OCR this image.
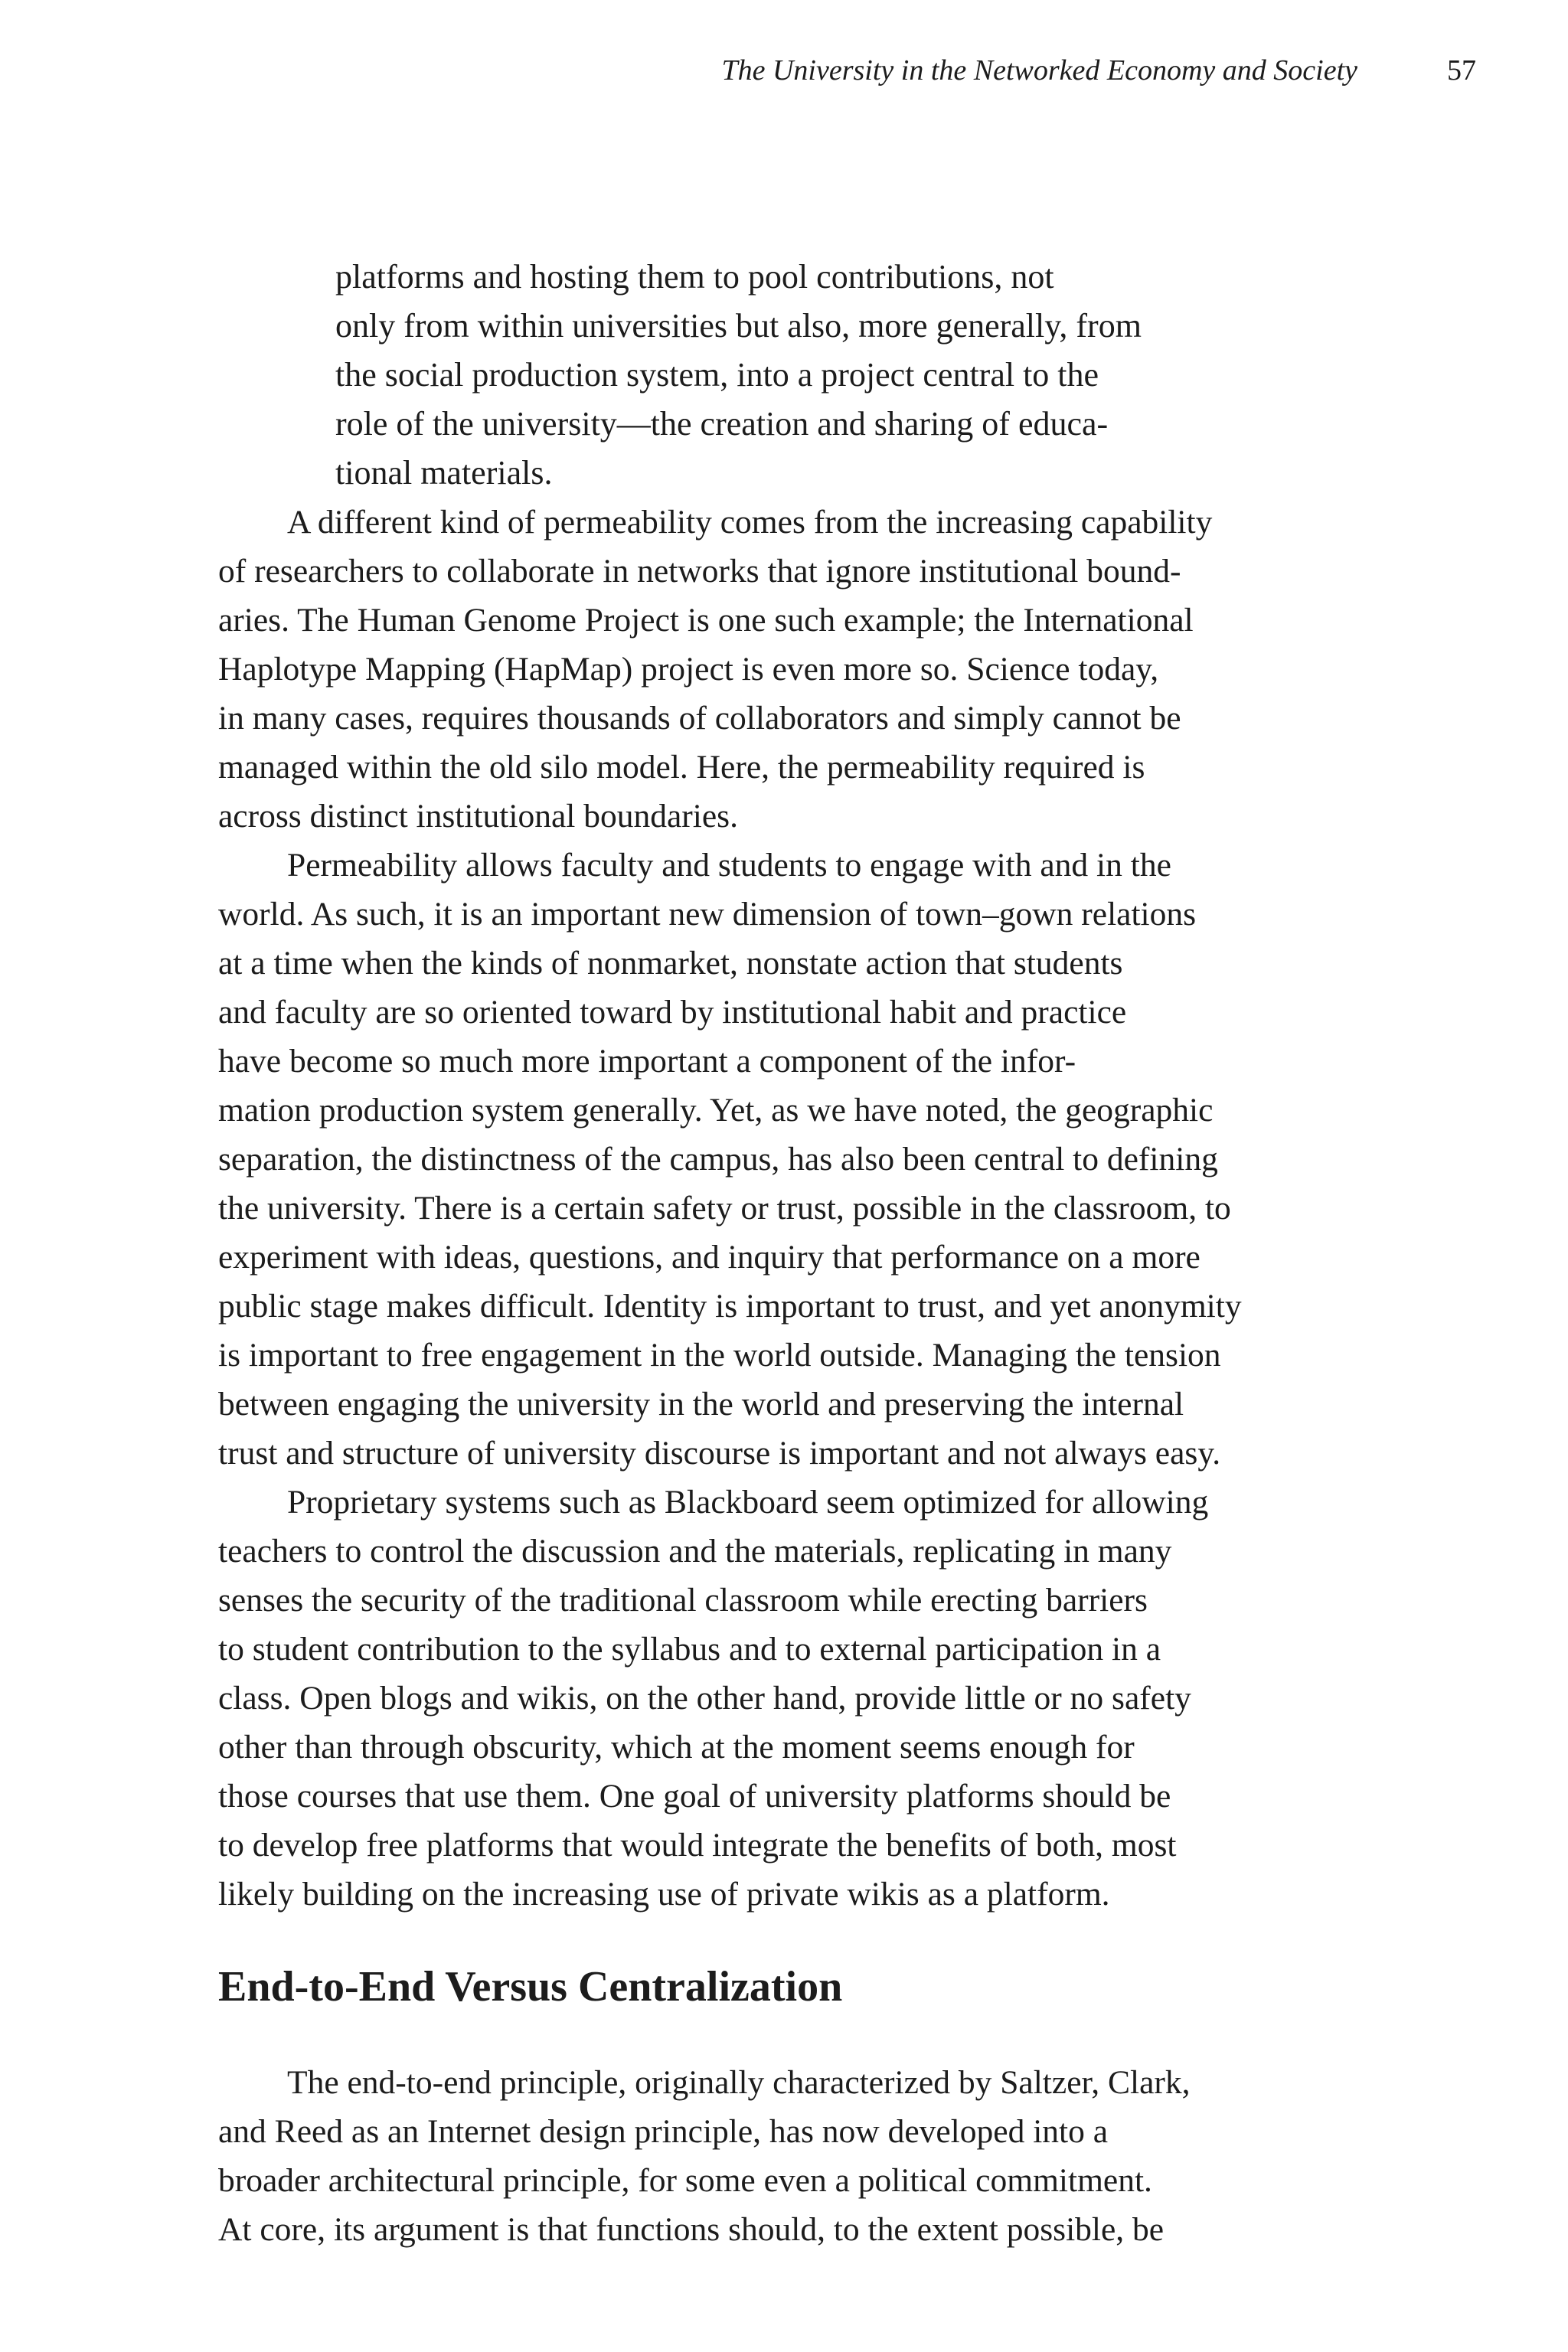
The University in the Networked Economy and Society	57
platforms and hosting them to pool contributions, not
only from within universities but also, more generally, from
the social production system, into a project central to the
role of the university—the creation and sharing of educa-
tional materials.
A different kind of permeability comes from the increasing capability
of researchers to collaborate in networks that ignore institutional bound-
aries. The Human Genome Project is one such example; the International
Haplotype Mapping (HapMap) project is even more so. Science today,
in many cases, requires thousands of collaborators and simply cannot be
managed within the old silo model. Here, the permeability required is
across distinct institutional boundaries.
Permeability allows faculty and students to engage with and in the
world. As such, it is an important new dimension of town–gown relations
at a time when the kinds of nonmarket, nonstate action that students
and faculty are so oriented toward by institutional habit and practice
have become so much more important a component of the infor-
mation production system generally. Yet, as we have noted, the geographic
separation, the distinctness of the campus, has also been central to defining
the university. There is a certain safety or trust, possible in the classroom, to
experiment with ideas, questions, and inquiry that performance on a more
public stage makes difficult. Identity is important to trust, and yet anonymity
is important to free engagement in the world outside. Managing the tension
between engaging the university in the world and preserving the internal
trust and structure of university discourse is important and not always easy.
Proprietary systems such as Blackboard seem optimized for allowing
teachers to control the discussion and the materials, replicating in many
senses the security of the traditional classroom while erecting barriers
to student contribution to the syllabus and to external participation in a
class. Open blogs and wikis, on the other hand, provide little or no safety
other than through obscurity, which at the moment seems enough for
those courses that use them. One goal of university platforms should be
to develop free platforms that would integrate the benefits of both, most
likely building on the increasing use of private wikis as a platform.
End-to-End Versus Centralization
The end-to-end principle, originally characterized by Saltzer, Clark,
and Reed as an Internet design principle, has now developed into a
broader architectural principle, for some even a political commitment.
At core, its argument is that functions should, to the extent possible, be
